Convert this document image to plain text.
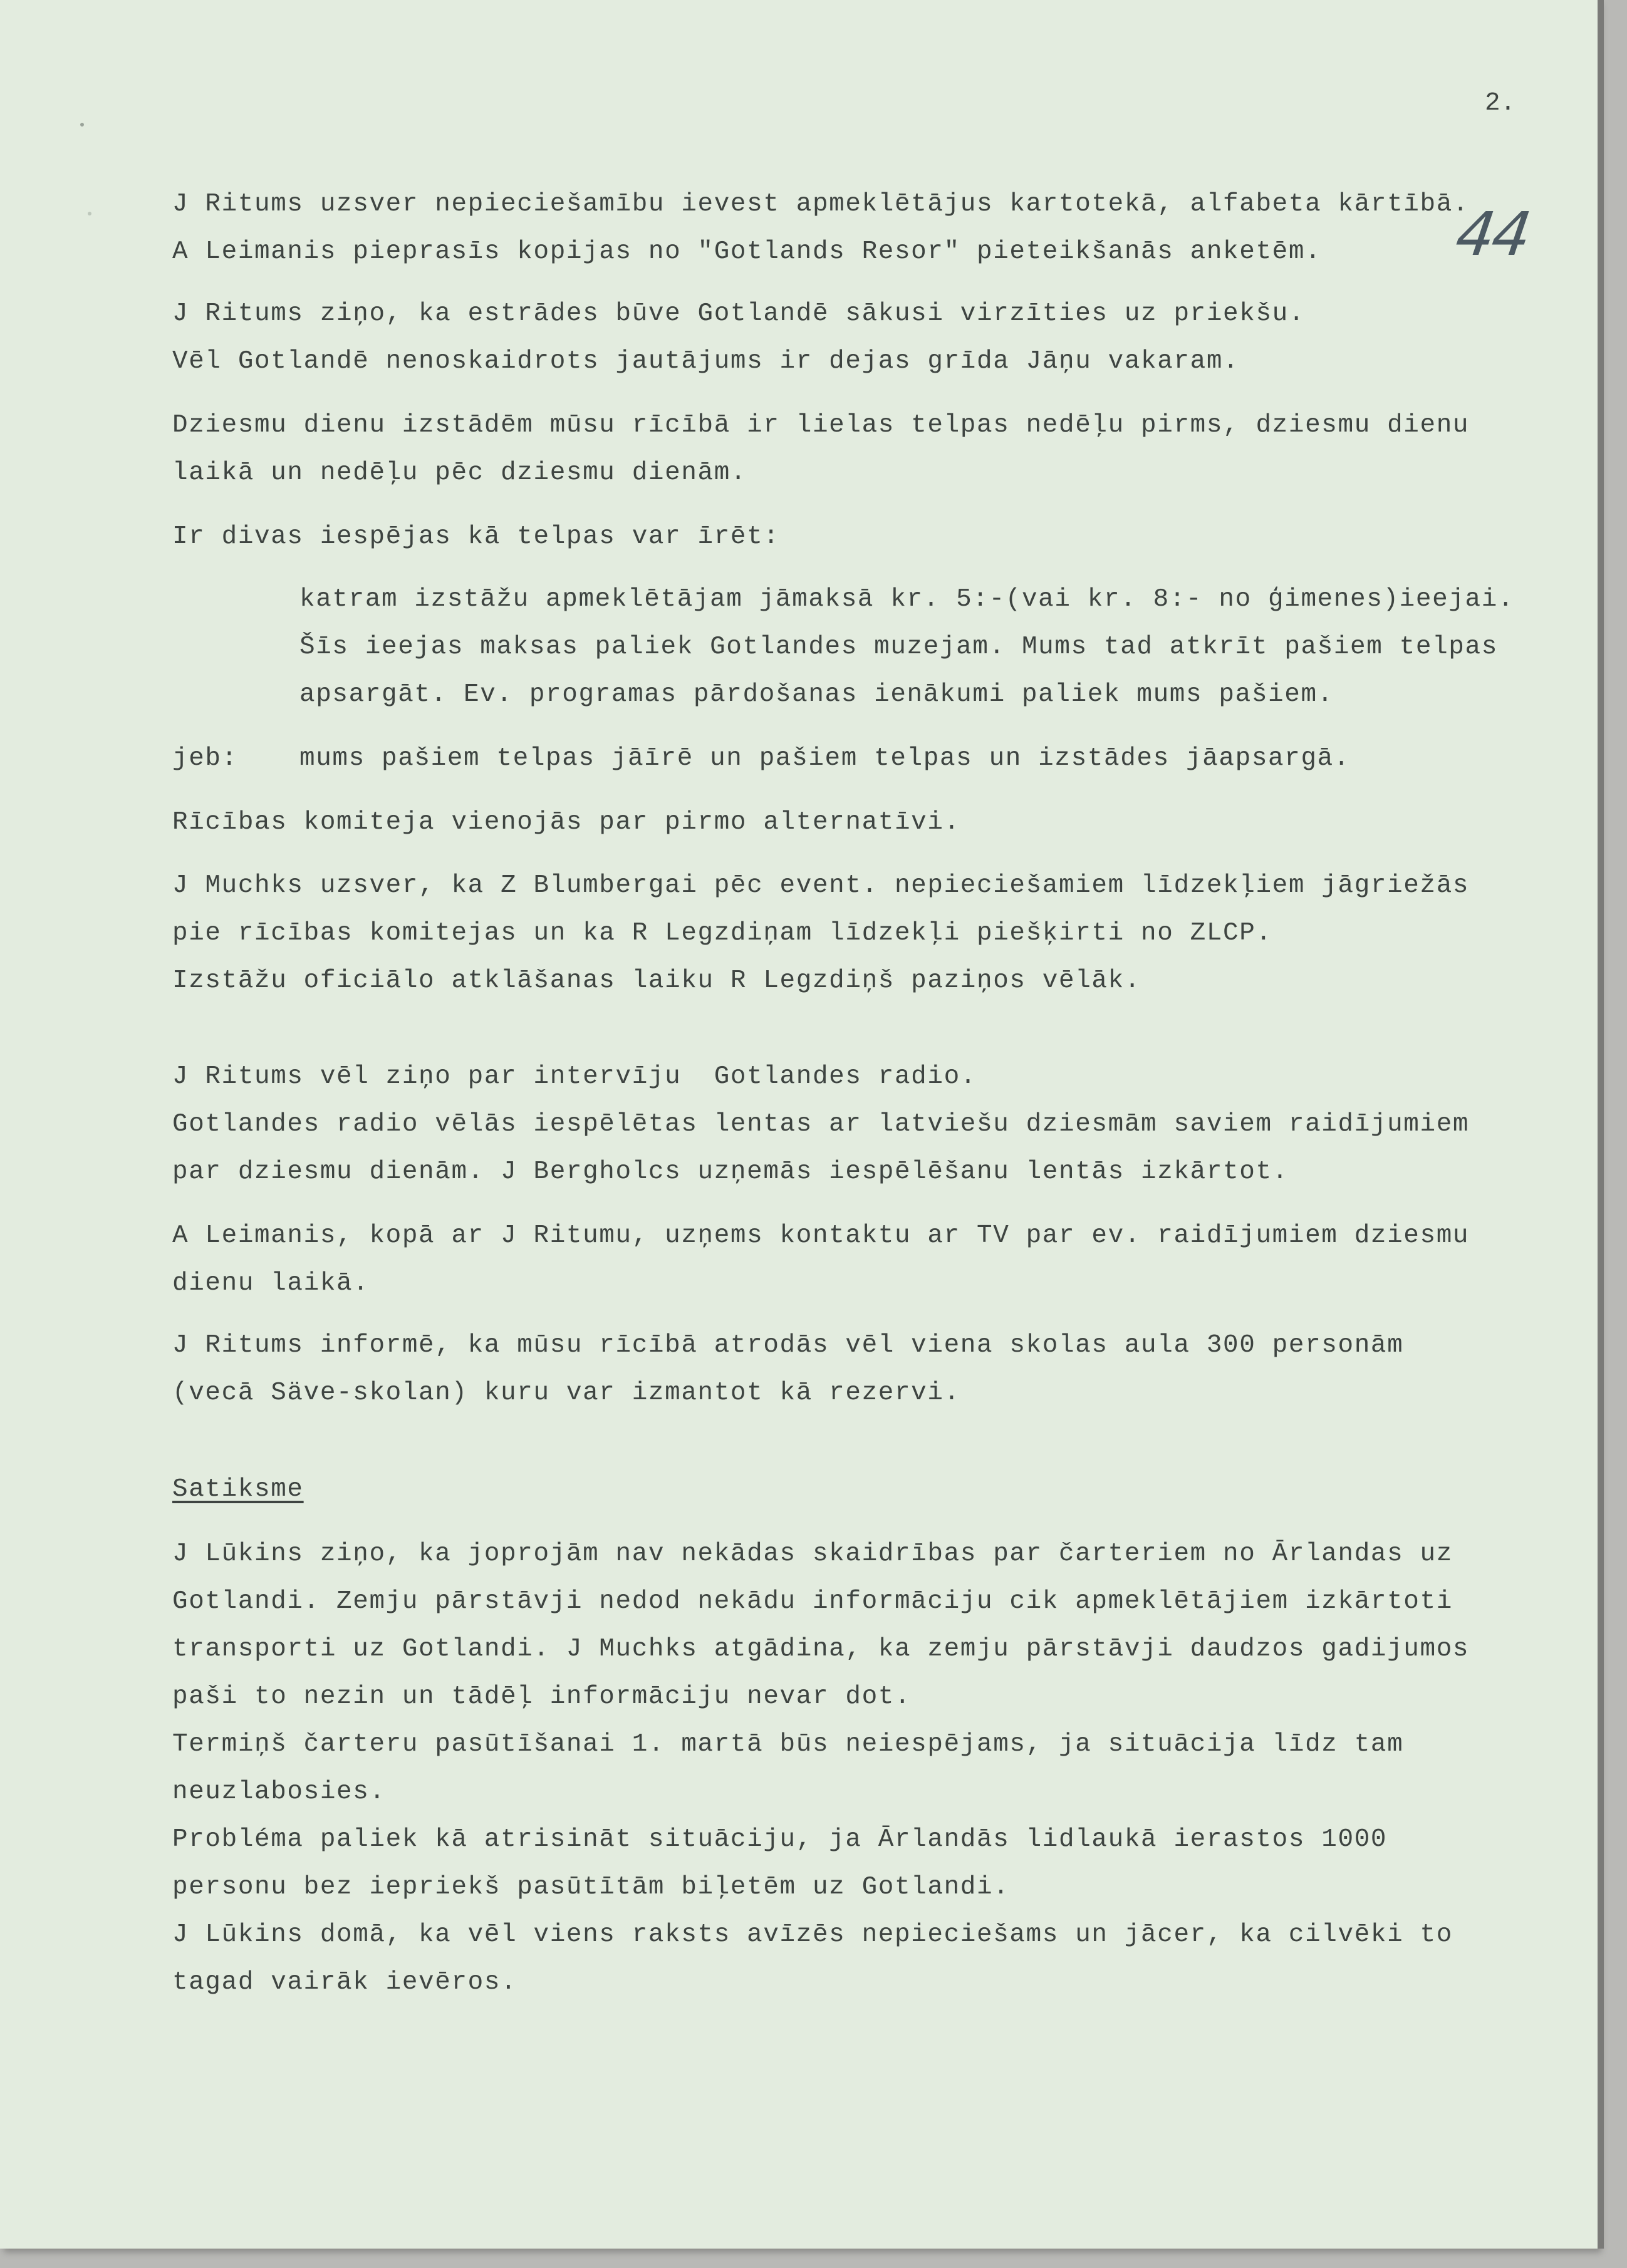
2.
44
J Ritums uzsver nepieciešamību ievest apmeklētājus kartotekā, alfabeta kārtībā.
A Leimanis pieprasīs kopijas no "Gotlands Resor" pieteikšanās anketēm.
J Ritums ziņo, ka estrādes būve Gotlandē sākusi virzīties uz priekšu.
Vēl Gotlandē nenoskaidrots jautājums ir dejas grīda Jāņu vakaram.
Dziesmu dienu izstādēm mūsu rīcībā ir lielas telpas nedēļu pirms, dziesmu dienu
laikā un nedēļu pēc dziesmu dienām.
Ir divas iespējas kā telpas var īrēt:
katram izstāžu apmeklētājam jāmaksā kr. 5:-(vai kr. 8:- no ģimenes)ieejai.
Šīs ieejas maksas paliek Gotlandes muzejam. Mums tad atkrīt pašiem telpas
apsargāt. Ev. programas pārdošanas ienākumi paliek mums pašiem.
jeb: mums pašiem telpas jāīrē un pašiem telpas un izstādes jāapsargā.
Rīcības komiteja vienojās par pirmo alternatīvi.
J Muchks uzsver, ka Z Blumbergai pēc event. nepieciešamiem līdzekļiem jāgriežās
pie rīcības komitejas un ka R Legzdiņam līdzekļi piešķirti no ZLCP.
Izstāžu oficiālo atklāšanas laiku R Legzdiņš paziņos vēlāk.
J Ritums vēl ziņo par intervīju  Gotlandes radio.
Gotlandes radio vēlās iespēlētas lentas ar latviešu dziesmām saviem raidījumiem
par dziesmu dienām. J Bergholcs uzņemās iespēlēšanu lentās izkārtot.
A Leimanis, kopā ar J Ritumu, uzņems kontaktu ar TV par ev. raidījumiem dziesmu
dienu laikā.
J Ritums informē, ka mūsu rīcībā atrodās vēl viena skolas aula 300 personām
(vecā Säve-skolan) kuru var izmantot kā rezervi.
Satiksme
J Lūkins ziņo, ka joprojām nav nekādas skaidrības par čarteriem no Ārlandas uz
Gotlandi. Zemju pārstāvji nedod nekādu informāciju cik apmeklētājiem izkārtoti
transporti uz Gotlandi. J Muchks atgādina, ka zemju pārstāvji daudzos gadijumos
paši to nezin un tādēļ informāciju nevar dot.
Termiņš čarteru pasūtīšanai 1. martā būs neiespējams, ja situācija līdz tam
neuzlabosies.
Probléma paliek kā atrisināt situāciju, ja Ārlandās lidlaukā ierastos 1000
personu bez iepriekš pasūtītām biļetēm uz Gotlandi.
J Lūkins domā, ka vēl viens raksts avīzēs nepieciešams un jācer, ka cilvēki to
tagad vairāk ievēros.
